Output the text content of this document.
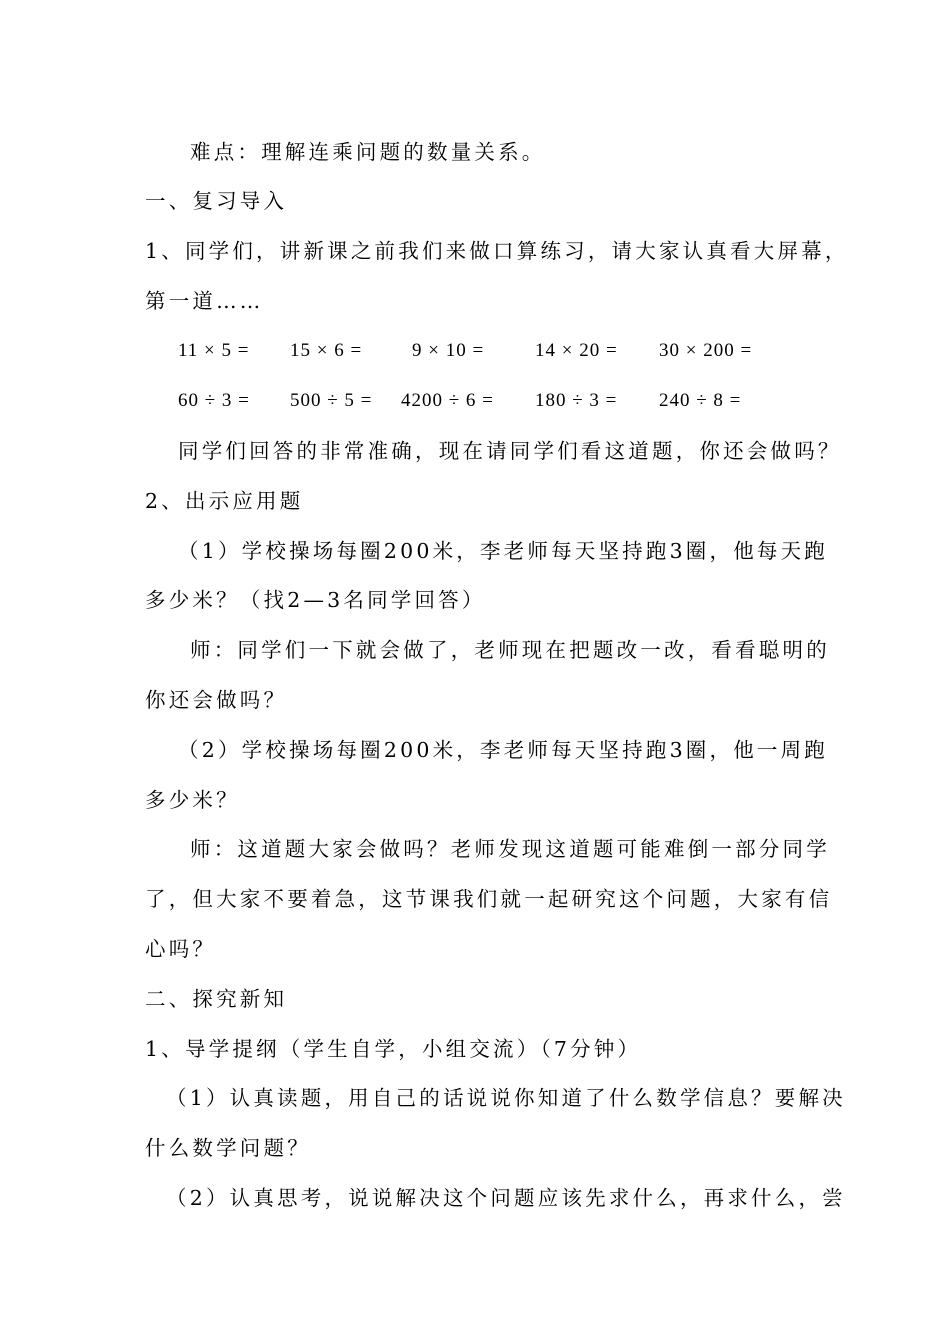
难点：理解连乘问题的数量关系。
一、复习导入
1、同学们，讲新课之前我们来做口算练习，请大家认真看大屏幕，
第一道……
11 × 5 = 15 × 6 =	9 × 10 =	14 × 20 = 30 × 200 =
60 ÷ 3 = 500 ÷ 5 = 4200 ÷ 6 = 180 ÷ 3 = 240 ÷ 8 =
同学们回答的非常准确，现在请同学们看这道题，你还会做吗？
2、出示应用题
（1）学校操场每圈200米，李老师每天坚持跑3圈，他每天跑
多少米？（找2—3名同学回答）
师：同学们一下就会做了，老师现在把题改一改，看看聪明的
你还会做吗？
（2）学校操场每圈200米，李老师每天坚持跑3圈，他一周跑
多少米？
师：这道题大家会做吗？老师发现这道题可能难倒一部分同学
了，但大家不要着急，这节课我们就一起研究这个问题，大家有信
心吗？
二、探究新知
1、导学提纲（学生自学，小组交流）（7分钟）
（1）认真读题，用自己的话说说你知道了什么数学信息？要解决
什么数学问题？
（2）认真思考，说说解决这个问题应该先求什么，再求什么，尝
